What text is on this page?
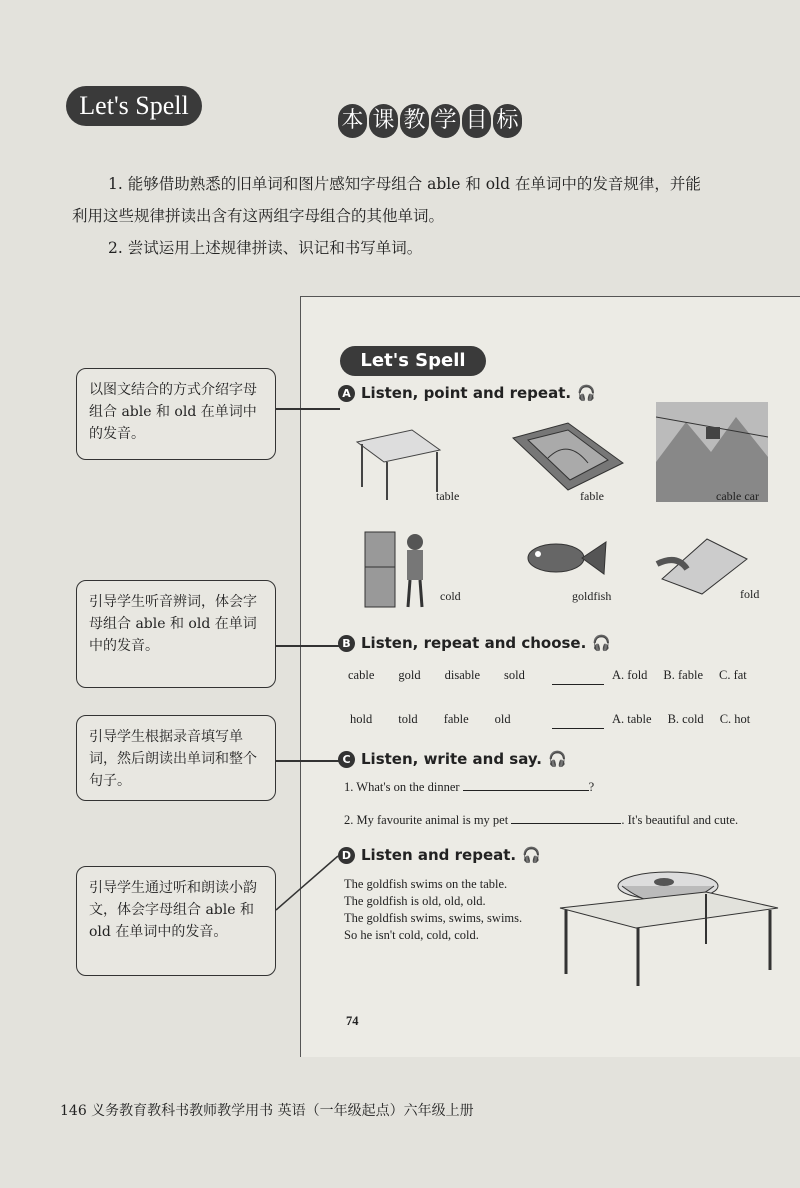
Let's Spell
本 课 教 学 目 标
1. 能够借助熟悉的旧单词和图片感知字母组合 able 和 old 在单词中的发音规律，并能
利用这些规律拼读出含有这两组字母组合的其他单词。
2. 尝试运用上述规律拼读、识记和书写单词。
Let's Spell
A Listen, point and repeat. 🎧
table	fable	cable car
cold	goldfish	fold
B Listen, repeat and choose. 🎧
cable gold disable sold	A. fold B. fable C. fat
hold told fable old	A. table B. cold C. hot
C Listen, write and say. 🎧
1. What's on the dinner	?
2. My favourite animal is my pet	. It's beautiful and cute.
D Listen and repeat. 🎧
The goldfish swims on the table.
The goldfish is old, old, old.
The goldfish swims, swims, swims.
So he isn't cold, cold, cold.
74
以图文结合的方式介绍字母组合 able 和 old 在单词中的发音。
引导学生听音辨词，体会字母组合 able 和 old 在单词中的发音。
引导学生根据录音填写单词，然后朗读出单词和整个句子。
引导学生通过听和朗读小韵文，体会字母组合 able 和 old 在单词中的发音。
146 义务教育教科书教师教学用书 英语（一年级起点）六年级上册
